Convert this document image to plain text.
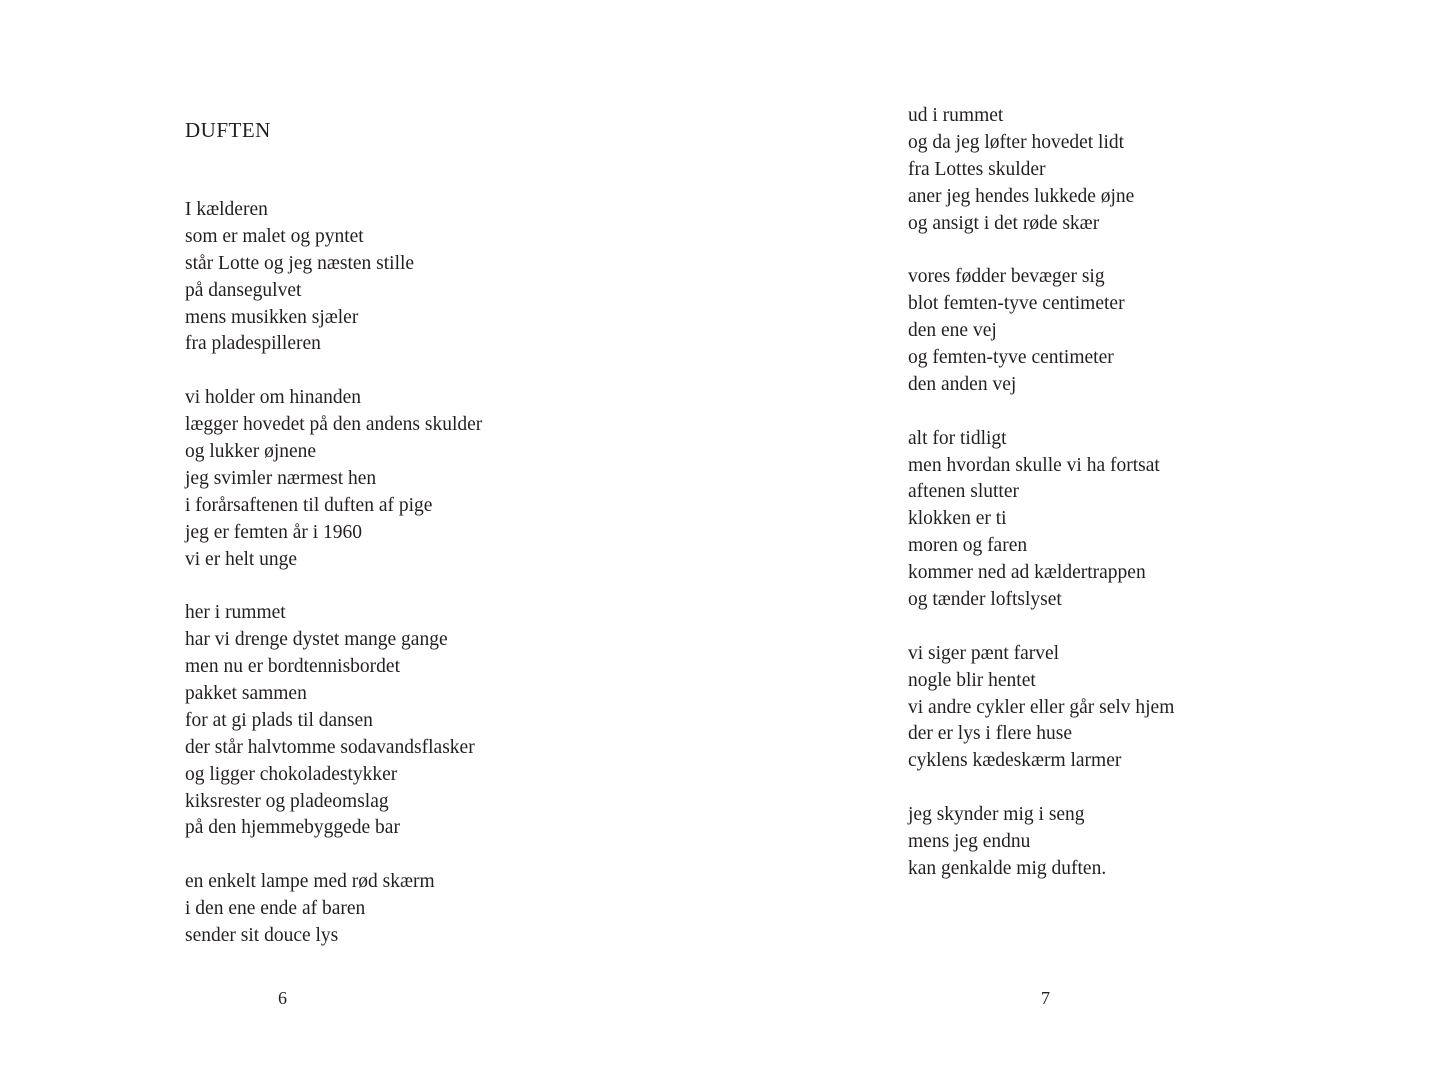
DUFTEN
I kælderen
som er malet og pyntet
står Lotte og jeg næsten stille
på dansegulvet
mens musikken sjæler
fra pladespilleren
vi holder om hinanden
lægger hovedet på den andens skulder
og lukker øjnene
jeg svimler nærmest hen
i forårsaftenen til duften af pige
jeg er femten år i 1960
vi er helt unge
her i rummet
har vi drenge dystet mange gange
men nu er bordtennisbordet
pakket sammen
for at gi plads til dansen
der står halvtomme sodavandsflasker
og ligger chokoladestykker
kiksrester og pladeomslag
på den hjemmebyggede bar
en enkelt lampe med rød skærm
i den ene ende af baren
sender sit douce lys
6
ud i rummet
og da jeg løfter hovedet lidt
fra Lottes skulder
aner jeg hendes lukkede øjne
og ansigt i det røde skær
vores fødder bevæger sig
blot femten-tyve centimeter
den ene vej
og femten-tyve centimeter
den anden vej
alt for tidligt
men hvordan skulle vi ha fortsat
aftenen slutter
klokken er ti
moren og faren
kommer ned ad kældertrappen
og tænder loftslyset
vi siger pænt farvel
nogle blir hentet
vi andre cykler eller går selv hjem
der er lys i flere huse
cyklens kædeskærm larmer
jeg skynder mig i seng
mens jeg endnu
kan genkalde mig duften.
7
